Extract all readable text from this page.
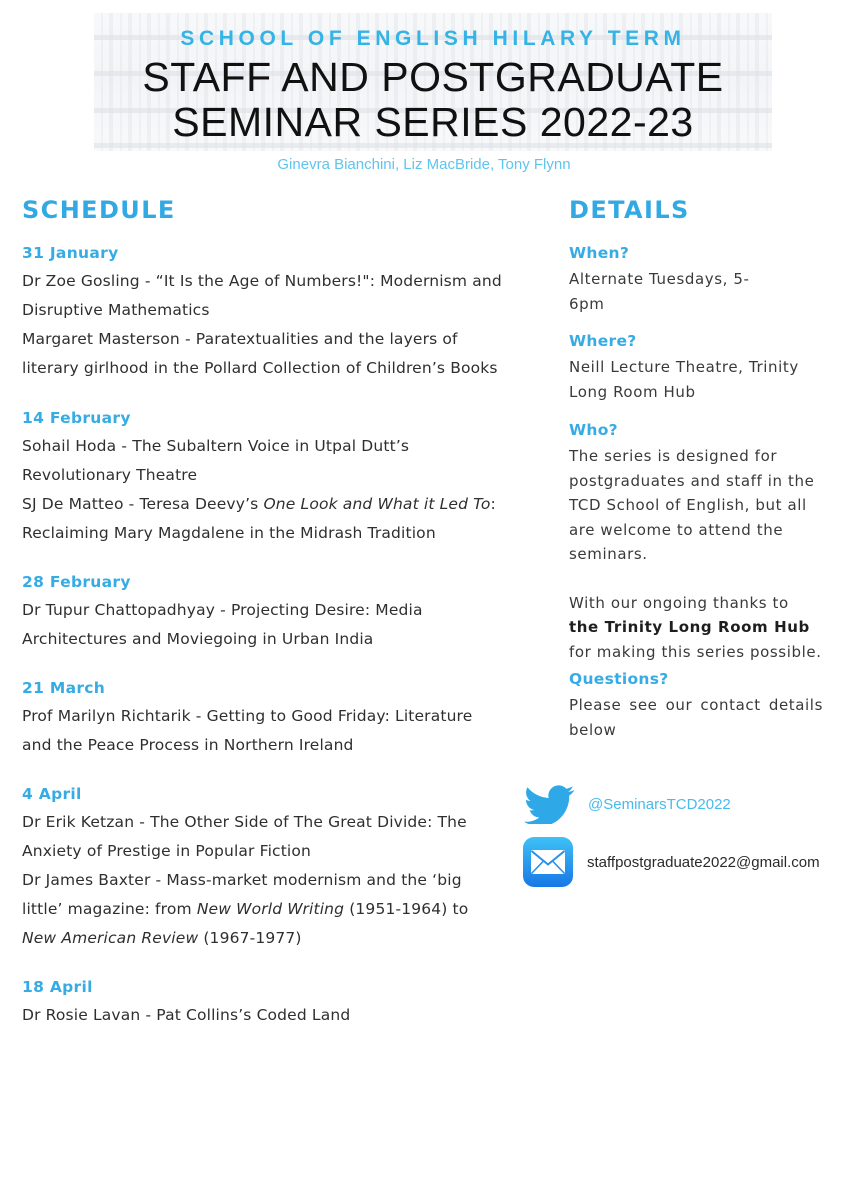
SCHOOL OF ENGLISH HILARY TERM
STAFF AND POSTGRADUATE
SEMINAR SERIES 2022-23
Ginevra Bianchini, Liz MacBride, Tony Flynn
SCHEDULE	DETAILS
31 January
Dr Zoe Gosling - “It Is the Age of Numbers!": Modernism and Disruptive Mathematics
Margaret Masterson - Paratextualities and the layers of literary girlhood in the Pollard Collection of Children’s Books
14 February
Sohail Hoda - The Subaltern Voice in Utpal Dutt’s Revolutionary Theatre
SJ De Matteo - Teresa Deevy’s One Look and What it Led To: Reclaiming Mary Magdalene in the Midrash Tradition
28 February
Dr Tupur Chattopadhyay - Projecting Desire: Media Architectures and Moviegoing in Urban India
21 March
Prof Marilyn Richtarik - Getting to Good Friday: Literature and the Peace Process in Northern Ireland
4 April
Dr Erik Ketzan - The Other Side of The Great Divide: The Anxiety of Prestige in Popular Fiction
Dr James Baxter - Mass-market modernism and the ‘big little’ magazine: from New World Writing (1951-1964) to New American Review (1967-1977)
18 April
Dr Rosie Lavan - Pat Collins’s Coded Land
When?
Alternate Tuesdays, 5-6pm
Where?
Neill Lecture Theatre, Trinity Long Room Hub
Who?
The series is designed for postgraduates and staff in the TCD School of English, but all are welcome to attend the seminars.
With our ongoing thanks to
the Trinity Long Room Hub
for making this series possible.
Questions?
Please see our contact details below
@SeminarsTCD2022
staffpostgraduate2022@gmail.com
